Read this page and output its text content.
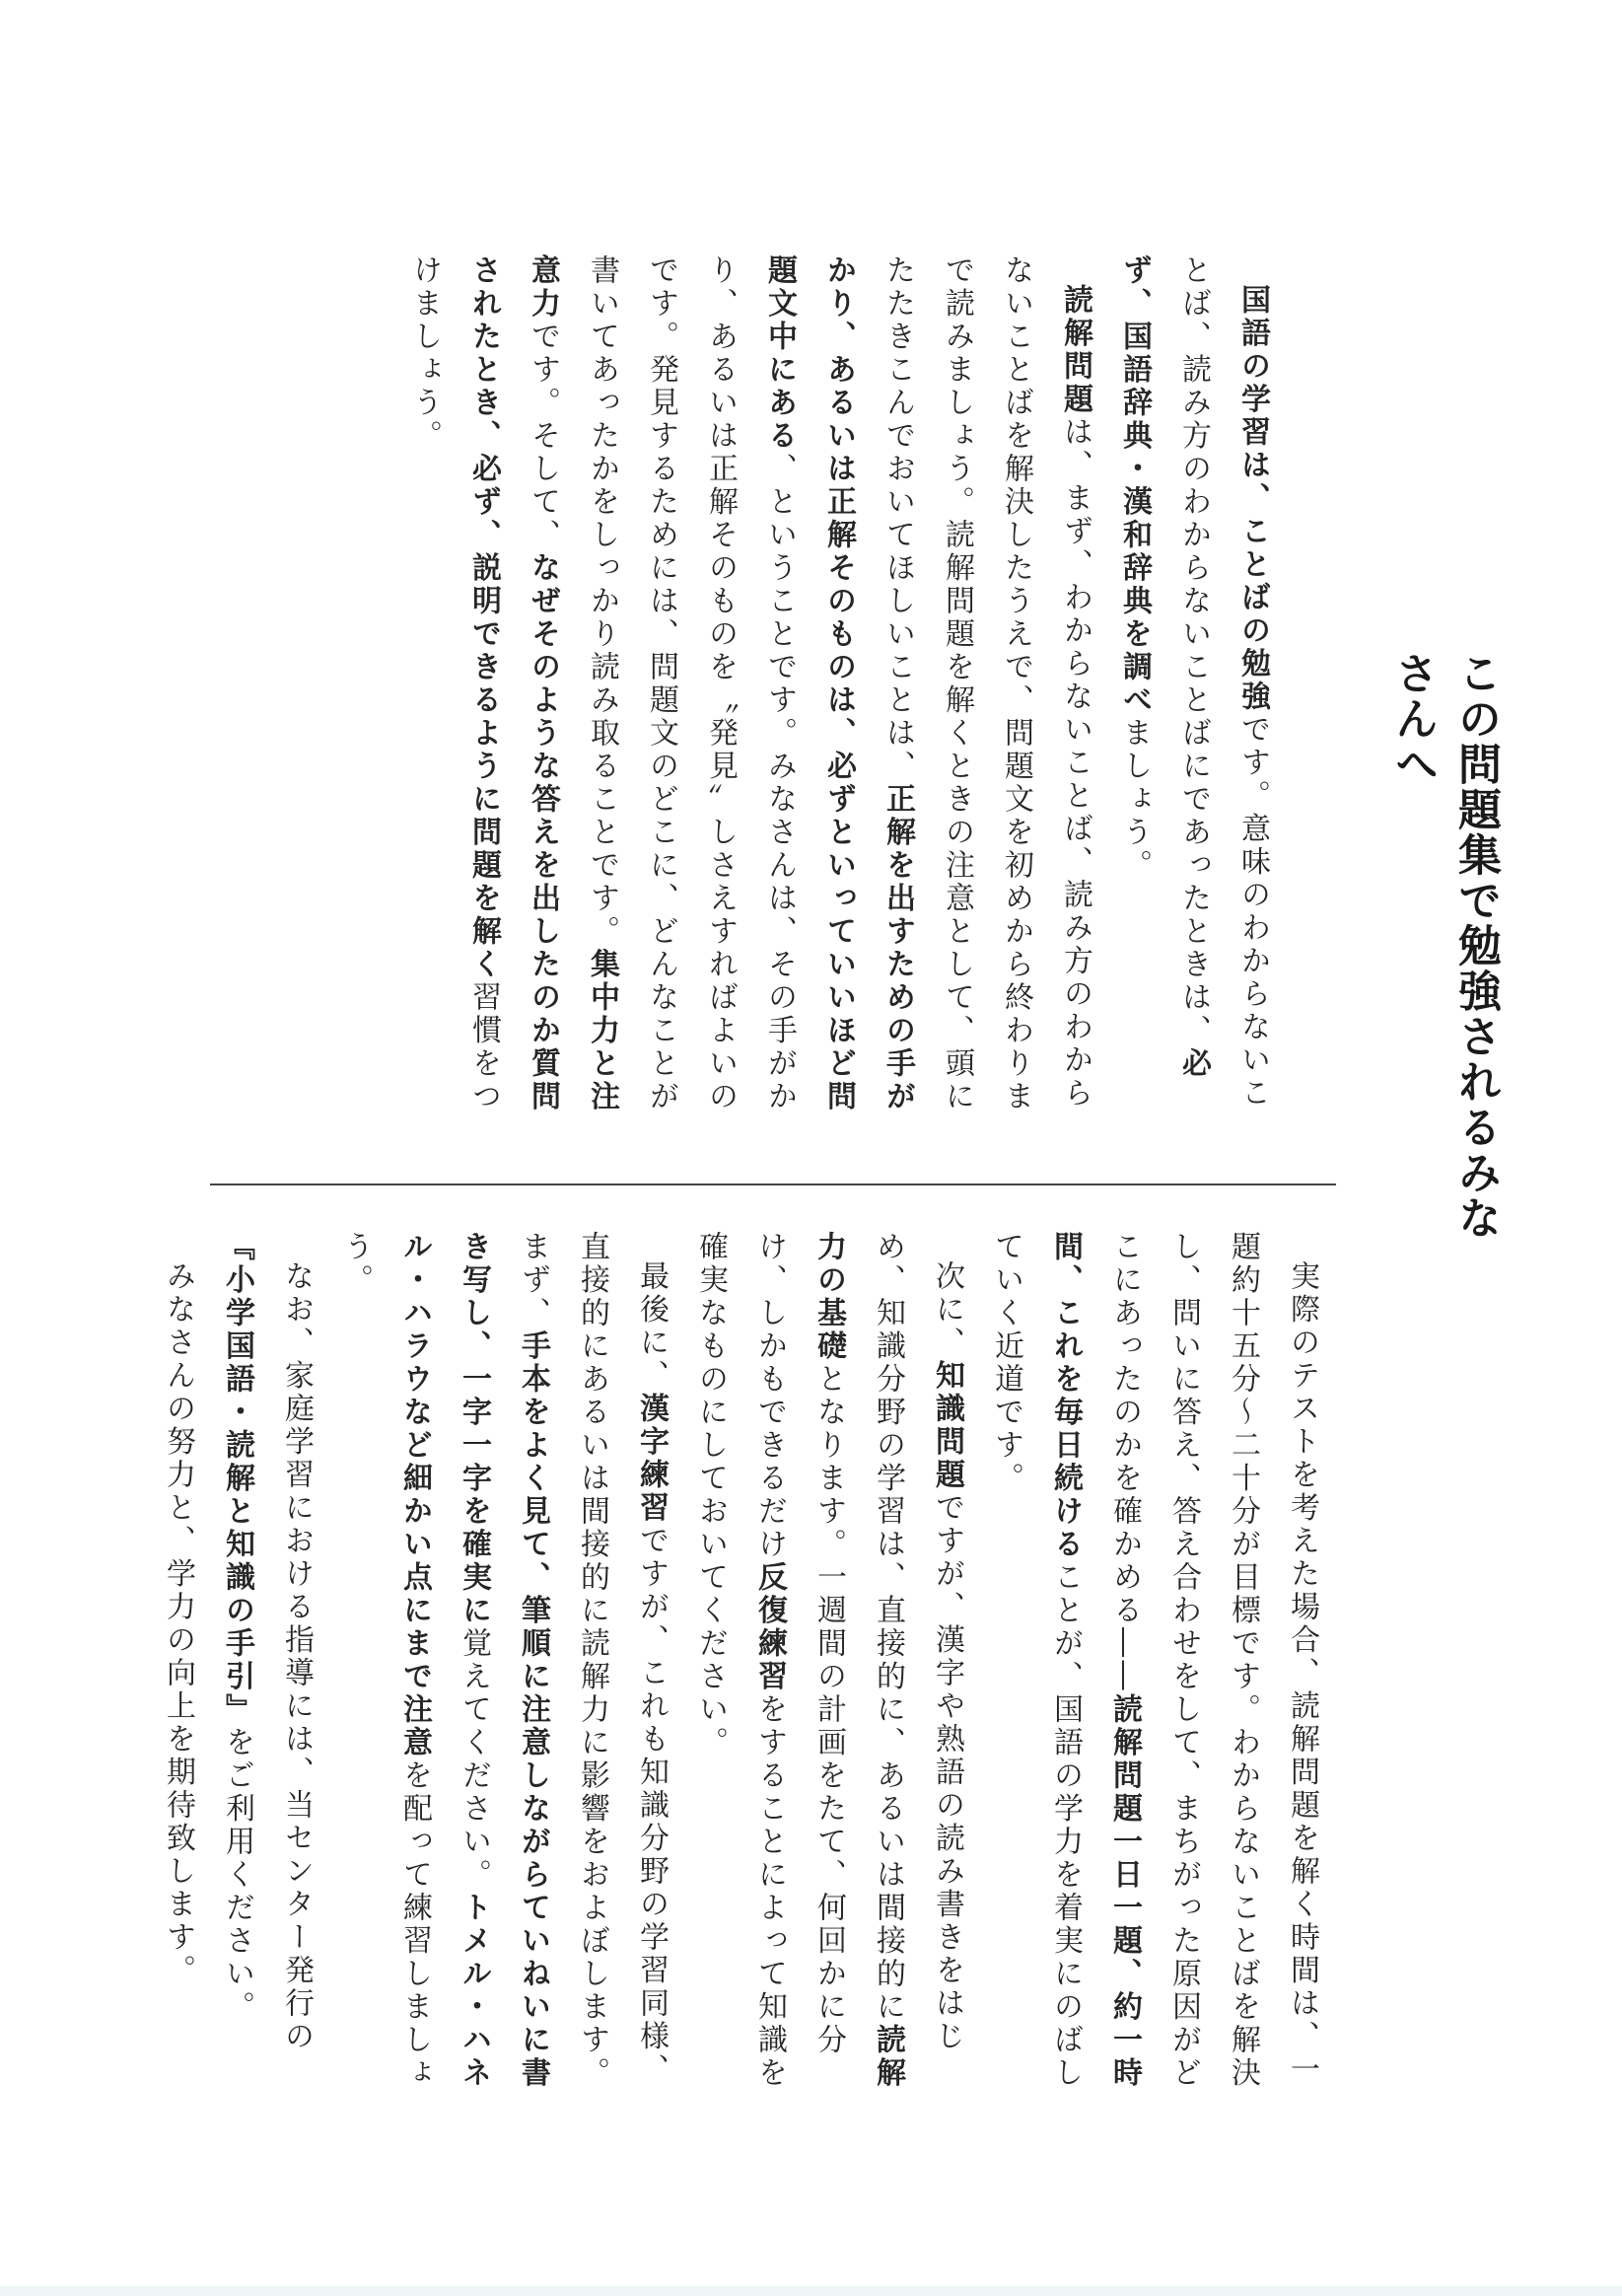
この問題集で勉強されるみなさんへ

国語の学習は、ことばの勉強です。意味のわからないことば、読み方のわからないことばにであったときは、必ず、国語辞典・漢和辞典を調べましょう。

読解問題は、まず、わからないことば、読み方のわからないことばを解決したうえで、問題文を初めから終わりまで読みましょう。読解問題を解くときの注意として、頭にたたきこんでおいてほしいことは、正解を出すための手がかり、あるいは正解そのものは、必ずといっていいほど問題文中にある、ということです。みなさんは、その手がかり、あるいは正解そのものを〝発見〟しさえすればよいのです。発見するためには、問題文のどこに、どんなことが書いてあったかをしっかり読み取ることです。集中力と注意力です。そして、なぜそのような答えを出したのか質問されたとき、必ず、説明できるように問題を解く習慣をつけましょう。

実際のテストを考えた場合、読解問題を解く時間は、一題約十五分～二十分が目標です。わからないことばを解決し、問いに答え、答え合わせをして、まちがった原因がどこにあったのかを確かめる――読解問題一日一題、約一時間、これを毎日続けることが、国語の学力を着実にのばしていく近道です。

次に、知識問題ですが、漢字や熟語の読み書きをはじめ、知識分野の学習は、直接的に、あるいは間接的に読解力の基礎となります。一週間の計画をたて、何回かに分け、しかもできるだけ反復練習をすることによって知識を確実なものにしておいてください。

最後に、漢字練習ですが、これも知識分野の学習同様、直接的にあるいは間接的に読解力に影響をおよぼします。まず、手本をよく見て、筆順に注意しながらていねいに書き写し、一字一字を確実に覚えてください。トメル・ハネル・ハラウなど細かい点にまで注意を配って練習しましょう。

なお、家庭学習における指導には、当センター発行の『小学国語・読解と知識の手引』をご利用ください。

みなさんの努力と、学力の向上を期待致します。
